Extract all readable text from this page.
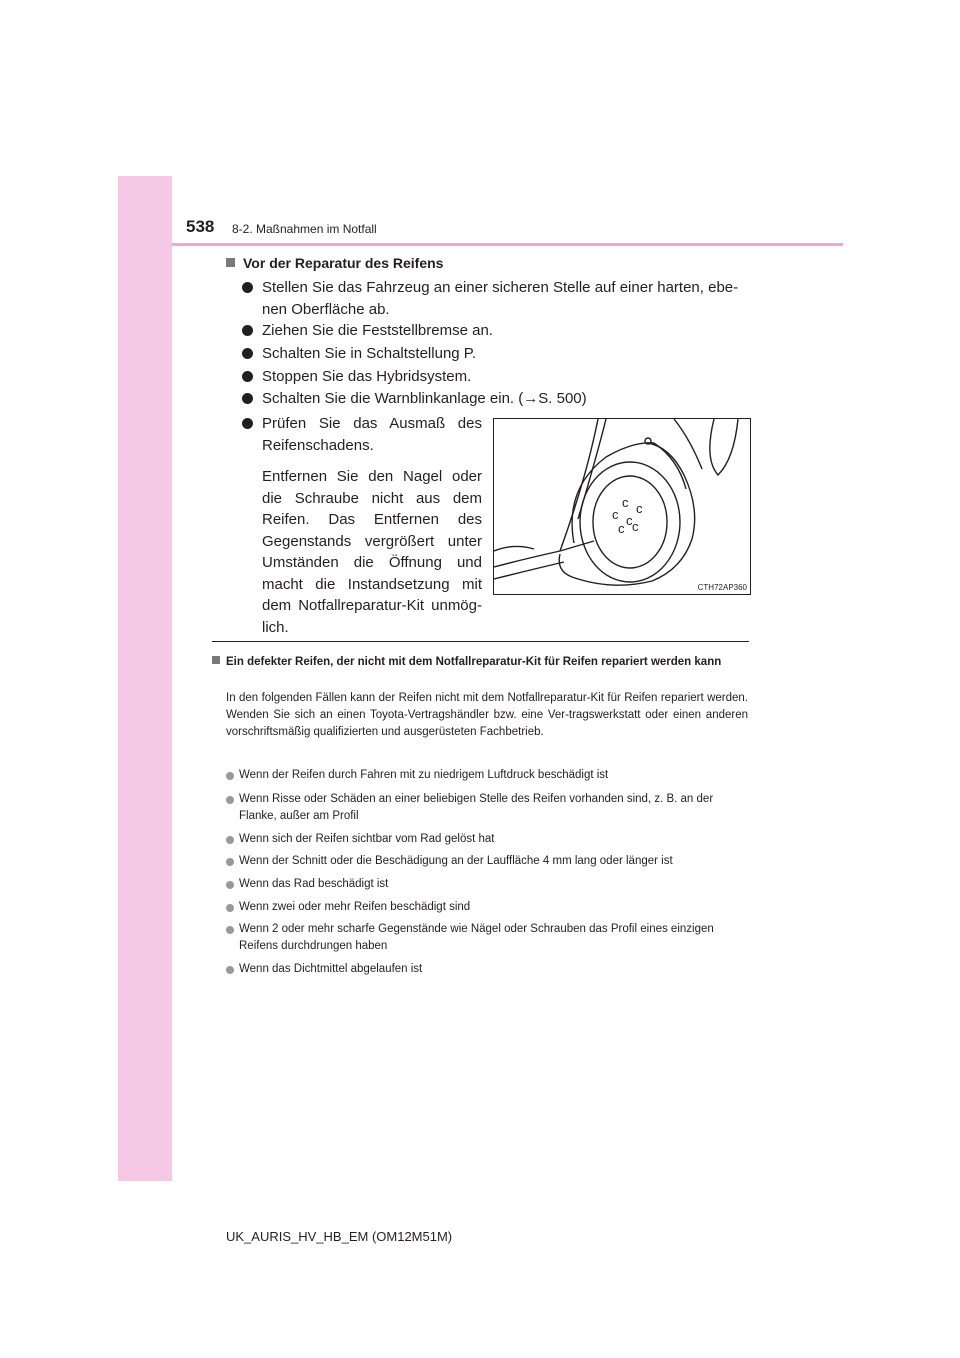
538 8-2. Maßnahmen im Notfall
Vor der Reparatur des Reifens
Stellen Sie das Fahrzeug an einer sicheren Stelle auf einer harten, ebe-
nen Oberfläche ab.
Ziehen Sie die Feststellbremse an.
Schalten Sie in Schaltstellung P.
Stoppen Sie das Hybridsystem.
Schalten Sie die Warnblinkanlage ein. (→S. 500)

Prüfen Sie das Ausmaß des Reifenschadens.

Entfernen Sie den Nagel oder die Schraube nicht aus dem Reifen. Das Entfernen des Gegenstands vergrößert unter Umständen die Öffnung und macht die Instandsetzung mit dem Notfallreparatur-Kit unmög-lich.

c c
c c
c c
CTH72AP360
Ein defekter Reifen, der nicht mit dem Notfallreparatur-Kit für Reifen repariert werden kann
In den folgenden Fällen kann der Reifen nicht mit dem Notfallreparatur-Kit für Reifen repariert werden. Wenden Sie sich an einen Toyota-Vertragshändler bzw. eine Ver-tragswerkstatt oder einen anderen vorschriftsmäßig qualifizierten und ausgerüsteten Fachbetrieb.
Wenn der Reifen durch Fahren mit zu niedrigem Luftdruck beschädigt ist
Wenn Risse oder Schäden an einer beliebigen Stelle des Reifen vorhanden sind, z. B. an der Flanke, außer am Profil
Wenn sich der Reifen sichtbar vom Rad gelöst hat
Wenn der Schnitt oder die Beschädigung an der Lauffläche 4 mm lang oder länger ist
Wenn das Rad beschädigt ist
Wenn zwei oder mehr Reifen beschädigt sind
Wenn 2 oder mehr scharfe Gegenstände wie Nägel oder Schrauben das Profil eines einzigen Reifens durchdrungen haben
Wenn das Dichtmittel abgelaufen ist
UK_AURIS_HV_HB_EM (OM12M51M)
